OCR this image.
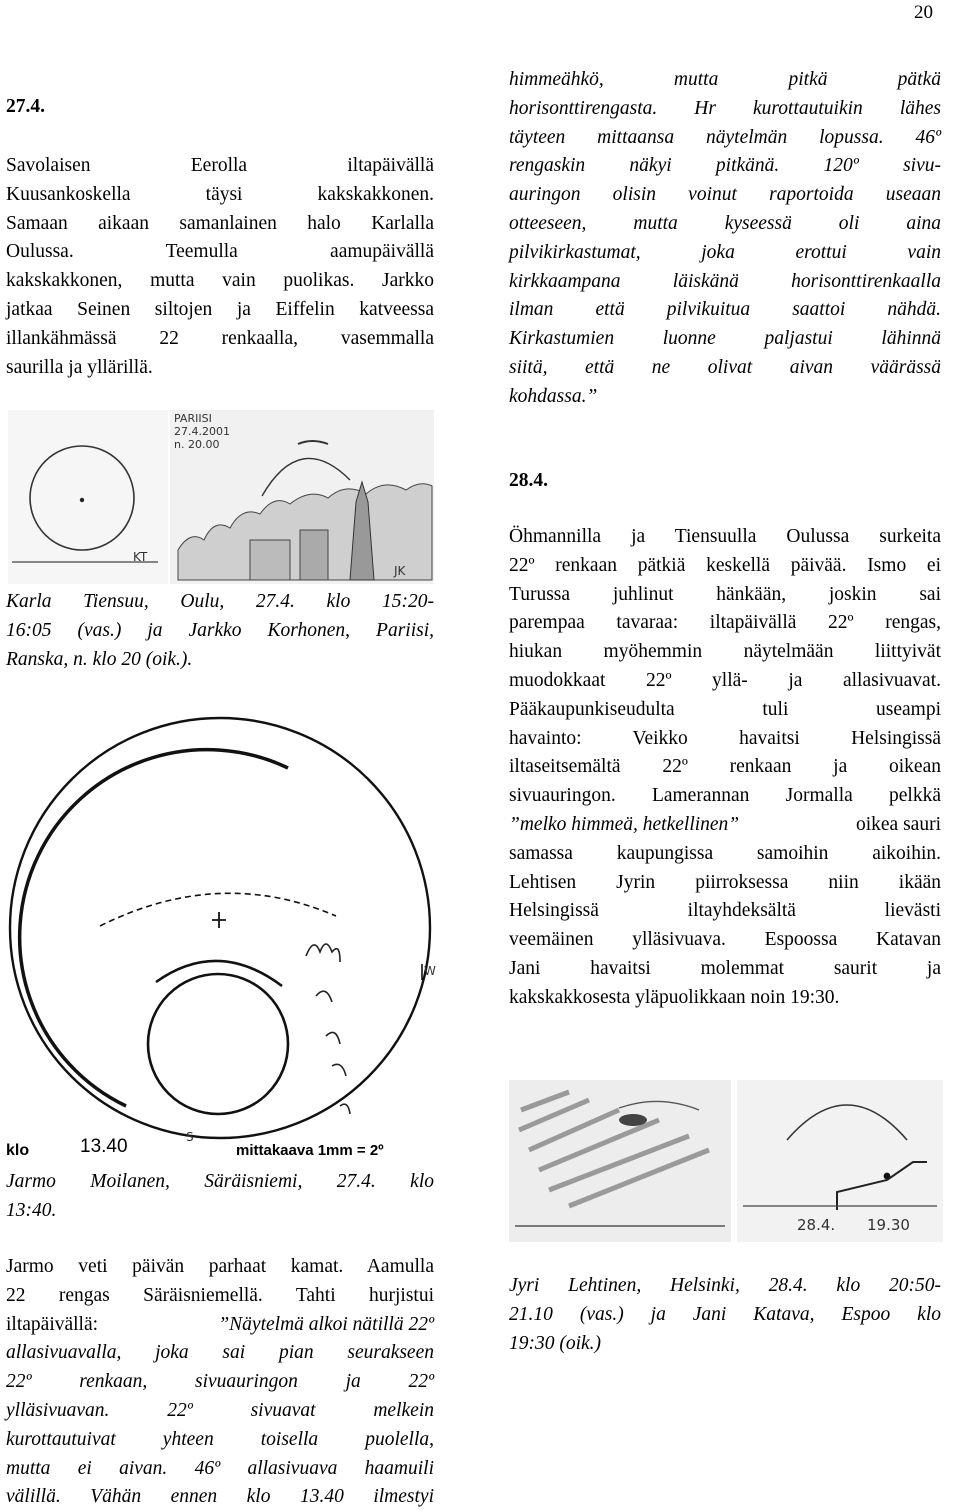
20
27.4.
Savolaisen Eerolla iltapäivällä
Kuusankoskella täysi kakskakkonen.
Samaan aikaan samanlainen halo Karlalla
Oulussa. Teemulla aamupäivällä
kakskakkonen, mutta vain puolikas. Jarkko
jatkaa Seinen siltojen ja Eiffelin katveessa
illankähmässä 22 renkaalla, vasemmalla
saurilla ja yllärillä.
KT
PARIISI
27.4.2001
n. 20.00
JK
Karla Tiensuu, Oulu, 27.4. klo 15:20-
16:05 (vas.) ja Jarkko Korhonen, Pariisi,
Ranska, n. klo 20 (oik.).
klo	13.40	mittakaava 1mm = 2º
W
S
Jarmo Moilanen, Säräisniemi, 27.4. klo
13:40.
Jarmo veti päivän parhaat kamat. Aamulla
22 rengas Säräisniemellä. Tahti hurjistui
iltapäivällä:	”Näytelmä alkoi nätillä 22º
allasivuavalla, joka sai pian seurakseen
22º renkaan, sivuauringon ja 22º
ylläsivuavan. 22º sivuavat melkein
kurottautuivat yhteen toisella puolella,
mutta ei aivan. 46º allasivuava haamuili
välillä. Vähän ennen klo 13.40 ilmestyi
himmeähkö, mutta pitkä pätkä
horisonttirengasta. Hr kurottautuikin lähes
täyteen mittaansa näytelmän lopussa. 46º
rengaskin näkyi pitkänä. 120º sivu-
auringon olisin voinut raportoida useaan
otteeseen, mutta kyseessä oli aina
pilvikirkastumat, joka erottui vain
kirkkaampana läiskänä horisonttirenkaalla
ilman että pilvikuitua saattoi nähdä.
Kirkastumien luonne paljastui lähinnä
siitä, että ne olivat aivan väärässä
kohdassa.”
28.4.
Öhmannilla ja Tiensuulla Oulussa surkeita
22º renkaan pätkiä keskellä päivää. Ismo ei
Turussa juhlinut hänkään, joskin sai
parempaa tavaraa: iltapäivällä 22º rengas,
hiukan myöhemmin näytelmään liittyivät
muodokkaat 22º yllä- ja allasivuavat.
Pääkaupunkiseudulta tuli useampi
havainto: Veikko havaitsi Helsingissä
iltaseitsemältä 22º renkaan ja oikean
sivuauringon. Lamerannan Jormalla pelkkä
”melko himmeä, hetkellinen”	oikea sauri
samassa kaupungissa samoihin aikoihin.
Lehtisen Jyrin piirroksessa niin ikään
Helsingissä iltayhdeksältä lievästi
veemäinen ylläsivuava. Espoossa Katavan
Jani havaitsi molemmat saurit ja
kakskakkosesta yläpuolikkaan noin 19:30.
28.4. 19.30
Jyri Lehtinen, Helsinki, 28.4. klo 20:50-
21.10 (vas.) ja Jani Katava, Espoo klo
19:30 (oik.)
